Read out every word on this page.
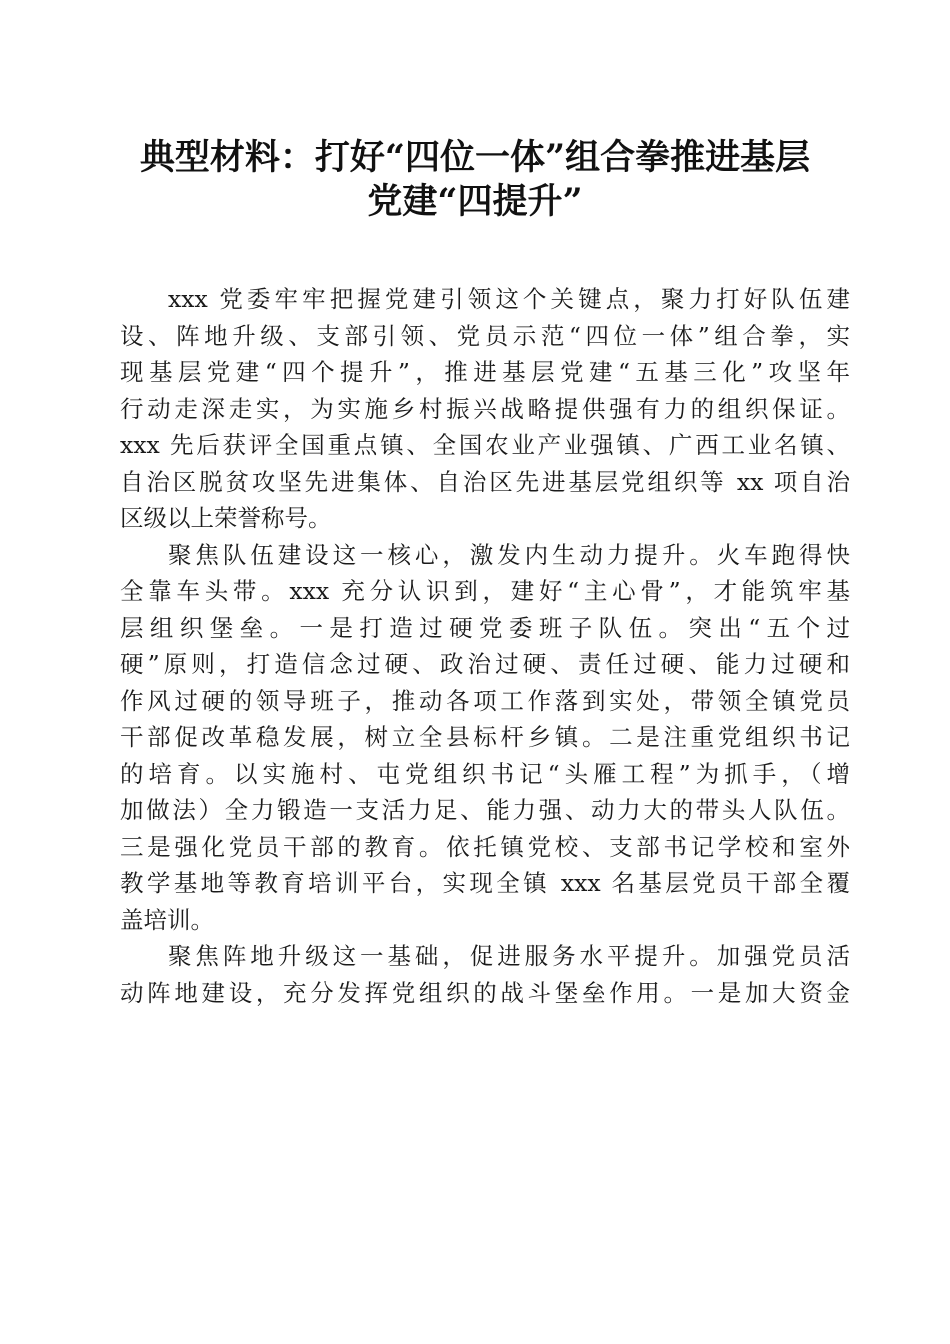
典型材料：打好“四位一体”组合拳推进基层
党建“四提升”
xxx 党委牢牢把握党建引领这个关键点，聚力打好队伍建
设、阵地升级、支部引领、党员示范“四位一体”组合拳，实
现基层党建“四个提升”，推进基层党建“五基三化”攻坚年
行动走深走实，为实施乡村振兴战略提供强有力的组织保证。
xxx 先后获评全国重点镇、全国农业产业强镇、广西工业名镇、
自治区脱贫攻坚先进集体、自治区先进基层党组织等 xx 项自治
区级以上荣誉称号。
聚焦队伍建设这一核心，激发内生动力提升。火车跑得快
全靠车头带。xxx 充分认识到，建好“主心骨”，才能筑牢基
层组织堡垒。一是打造过硬党委班子队伍。突出“五个过
硬”原则，打造信念过硬、政治过硬、责任过硬、能力过硬和
作风过硬的领导班子，推动各项工作落到实处，带领全镇党员
干部促改革稳发展，树立全县标杆乡镇。二是注重党组织书记
的培育。以实施村、屯党组织书记“头雁工程”为抓手，（增
加做法）全力锻造一支活力足、能力强、动力大的带头人队伍。
三是强化党员干部的教育。依托镇党校、支部书记学校和室外
教学基地等教育培训平台，实现全镇 xxx 名基层党员干部全覆
盖培训。
聚焦阵地升级这一基础，促进服务水平提升。加强党员活
动阵地建设，充分发挥党组织的战斗堡垒作用。一是加大资金
